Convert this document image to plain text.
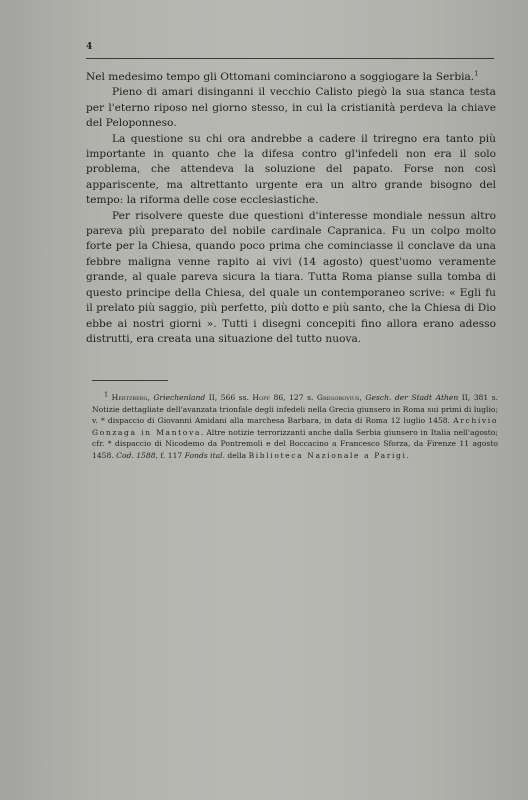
4

Nel medesimo tempo gli Ottomani cominciarono a soggiogare la Serbia.$^1$

Pieno di amari disinganni il vecchio Calisto piegò la sua stanca testa per l'eterno riposo nel giorno stesso, in cui la cristianità perdeva la chiave del Peloponneso.

La questione su chi ora andrebbe a cadere il triregno era tanto più importante in quanto che la difesa contro gl'infedeli non era il solo problema, che attendeva la soluzione del papato. Forse non così appariscente, ma altrettanto urgente era un altro grande bisogno del tempo: la riforma delle cose ecclesiastiche.

Per risolvere queste due questioni d'interesse mondiale nessun altro pareva più preparato del nobile cardinale Capranica. Fu un colpo molto forte per la Chiesa, quando poco prima che cominciasse il conclave da una febbre maligna venne rapito ai vivi (14 agosto) quest'uomo veramente grande, al quale pareva sicura la tiara. Tutta Roma pianse sulla tomba di questo principe della Chiesa, del quale un contemporaneo scrive: « Egli fu il prelato più saggio, più perfetto, più dotto e più santo, che la Chiesa di Dio ebbe ai nostri giorni ». Tutti i disegni concepiti fino allora erano adesso distrutti, era creata una situazione del tutto nuova.

$^1$ Hertzberg, Griechenland II, 566 ss. Hopf 86, 127 s. Gregorovius, Gesch. der Stadt Athen II, 381 s. Notizie dettagliate dell'avanzata trionfale degli infedeli nella Grecia giunsero in Roma sui primi di luglio; v. * dispaccio di Giovanni Amidani alla marchesa Barbara, in data di Roma 12 luglio 1458. Archivio Gonzaga in Mantova. Altre notizie terrorizzanti anche dalla Serbia giunsero in Italia nell'agosto; cfr. * dispaccio di Nicodemo da Pontremoli e del Boccacino a Francesco Sforza, da Firenze 11 agosto 1458. Cod. 1588, f. 117 Fonds ital. della Biblioteca Nazionale a Parigi.
